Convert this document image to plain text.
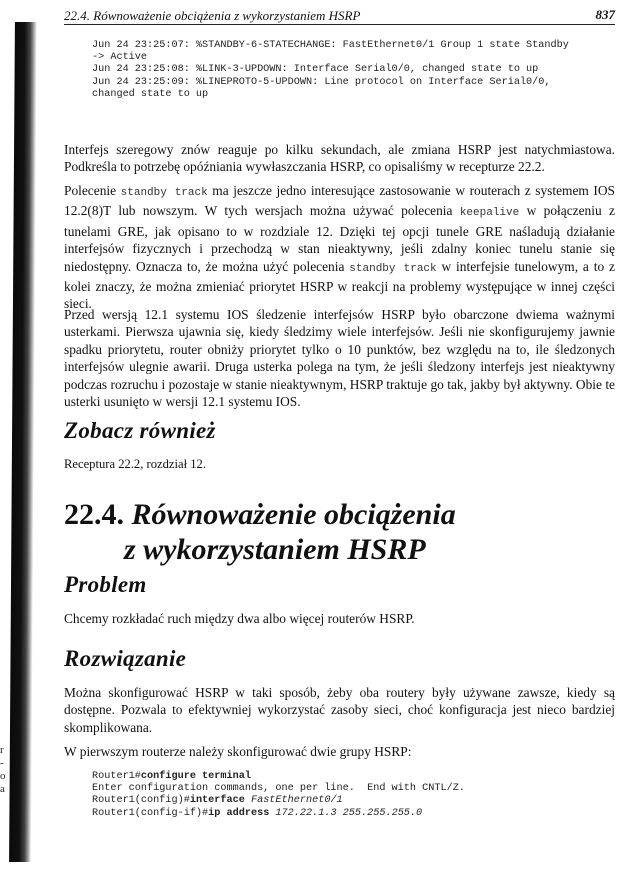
r
-
o
a
22.4. Równoważenie obciążenia z wykorzystaniem HSRP	837
Jun 24 23:25:07: %STANDBY-6-STATECHANGE: FastEthernet0/1 Group 1 state Standby
-> Active
Jun 24 23:25:08: %LINK-3-UPDOWN: Interface Serial0/0, changed state to up
Jun 24 23:25:09: %LINEPROTO-5-UPDOWN: Line protocol on Interface Serial0/0,
changed state to up

Interfejs szeregowy znów reaguje po kilku sekundach, ale zmiana HSRP jest natychmiastowa. Podkreśla to potrzebę opóźniania wywłaszczania HSRP, co opisaliśmy w recepturze 22.2.

Polecenie standby track ma jeszcze jedno interesujące zastosowanie w routerach z systemem IOS 12.2(8)T lub nowszym. W tych wersjach można używać polecenia keepalive w połączeniu z tunelami GRE, jak opisano to w rozdziale 12. Dzięki tej opcji tunele GRE naśladują działanie interfejsów fizycznych i przechodzą w stan nieaktywny, jeśli zdalny koniec tunelu stanie się niedostępny. Oznacza to, że można użyć polecenia standby track w interfejsie tunelowym, a to z kolei znaczy, że można zmieniać priorytet HSRP w reakcji na problemy występujące w innej części sieci.

Przed wersją 12.1 systemu IOS śledzenie interfejsów HSRP było obarczone dwiema ważnymi usterkami. Pierwsza ujawnia się, kiedy śledzimy wiele interfejsów. Jeśli nie skonfigurujemy jawnie spadku priorytetu, router obniży priorytet tylko o 10 punktów, bez względu na to, ile śledzonych interfejsów ulegnie awarii. Druga usterka polega na tym, że jeśli śledzony interfejs jest nieaktywny podczas rozruchu i pozostaje w stanie nieaktywnym, HSRP traktuje go tak, jakby był aktywny. Obie te usterki usunięto w wersji 12.1 systemu IOS.

Zobacz również

Receptura 22.2, rozdział 12.

22.4. Równoważenie obciążenia
z wykorzystaniem HSRP
Problem

Chcemy rozkładać ruch między dwa albo więcej routerów HSRP.

Rozwiązanie

Można skonfigurować HSRP w taki sposób, żeby oba routery były używane zawsze, kiedy są dostępne. Pozwala to efektywniej wykorzystać zasoby sieci, choć konfiguracja jest nieco bardziej skomplikowana.

W pierwszym routerze należy skonfigurować dwie grupy HSRP:

Router1#configure terminal
Enter configuration commands, one per line.  End with CNTL/Z.
Router1(config)#interface FastEthernet0/1
Router1(config-if)#ip address 172.22.1.3 255.255.255.0
